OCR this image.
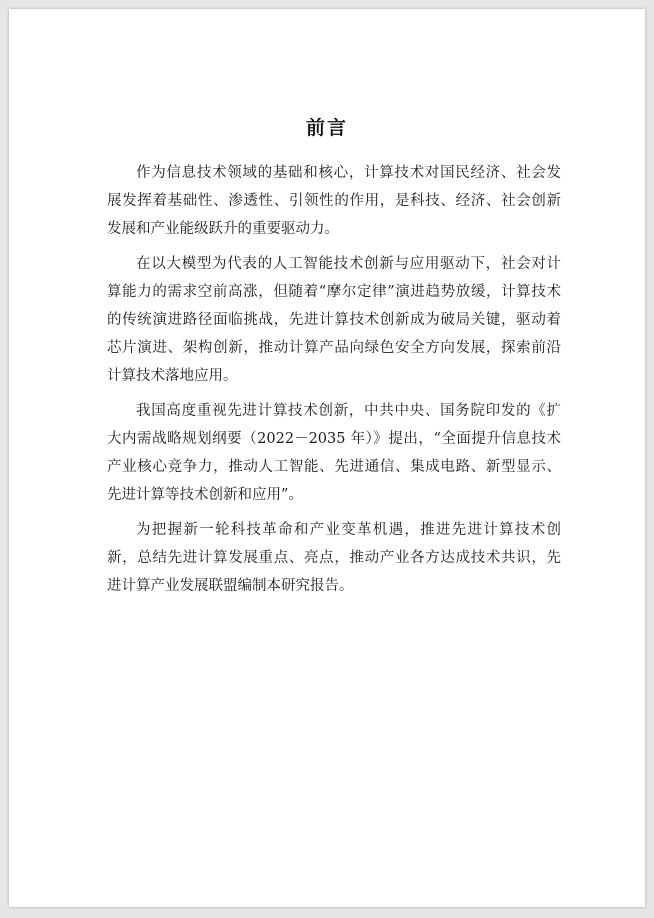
前言

作为信息技术领域的基础和核心，计算技术对国民经济、社会发
展发挥着基础性、渗透性、引领性的作用，是科技、经济、社会创新
发展和产业能级跃升的重要驱动力。

在以大模型为代表的人工智能技术创新与应用驱动下，社会对计
算能力的需求空前高涨，但随着“摩尔定律”演进趋势放缓，计算技术
的传统演进路径面临挑战，先进计算技术创新成为破局关键，驱动着
芯片演进、架构创新，推动计算产品向绿色安全方向发展，探索前沿
计算技术落地应用。

我国高度重视先进计算技术创新，中共中央、国务院印发的《扩
大内需战略规划纲要（2022－2035 年）》提出，“全面提升信息技术
产业核心竞争力，推动人工智能、先进通信、集成电路、新型显示、
先进计算等技术创新和应用”。

为把握新一轮科技革命和产业变革机遇，推进先进计算技术创
新，总结先进计算发展重点、亮点，推动产业各方达成技术共识，先
进计算产业发展联盟编制本研究报告。
